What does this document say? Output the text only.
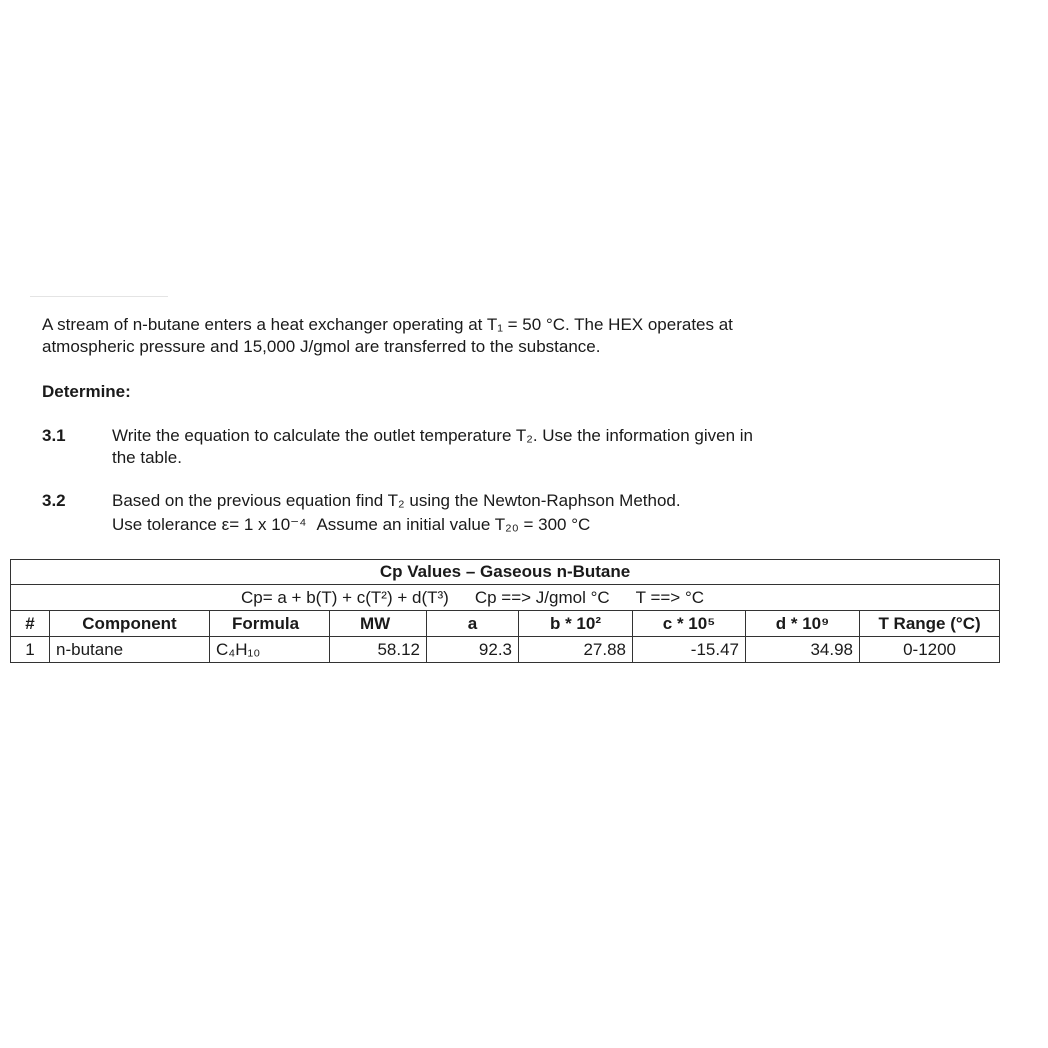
A stream of n-butane enters a heat exchanger operating at T₁ = 50 °C. The HEX operates at
atmospheric pressure and 15,000 J/gmol are transferred to the substance.
Determine:
3.1	Write the equation to calculate the outlet temperature T₂. Use the information given in
the table.
3.2	Based on the previous equation find T₂ using the Newton-Raphson Method.
Use tolerance ε= 1 x 10⁻⁴ Assume an initial value T₂₀ = 300 °C
Cp Values – Gaseous n-Butane								
Cp= a + b(T) + c(T²) + d(T³) Cp ==> J/gmol °C T ==> °C								
#	Component	Formula	MW	a	b * 10²	c * 10⁵	d * 10⁹	T Range (°C)
1	n-butane	C₄H₁₀	58.12	92.3	27.88	-15.47	34.98	0-1200
